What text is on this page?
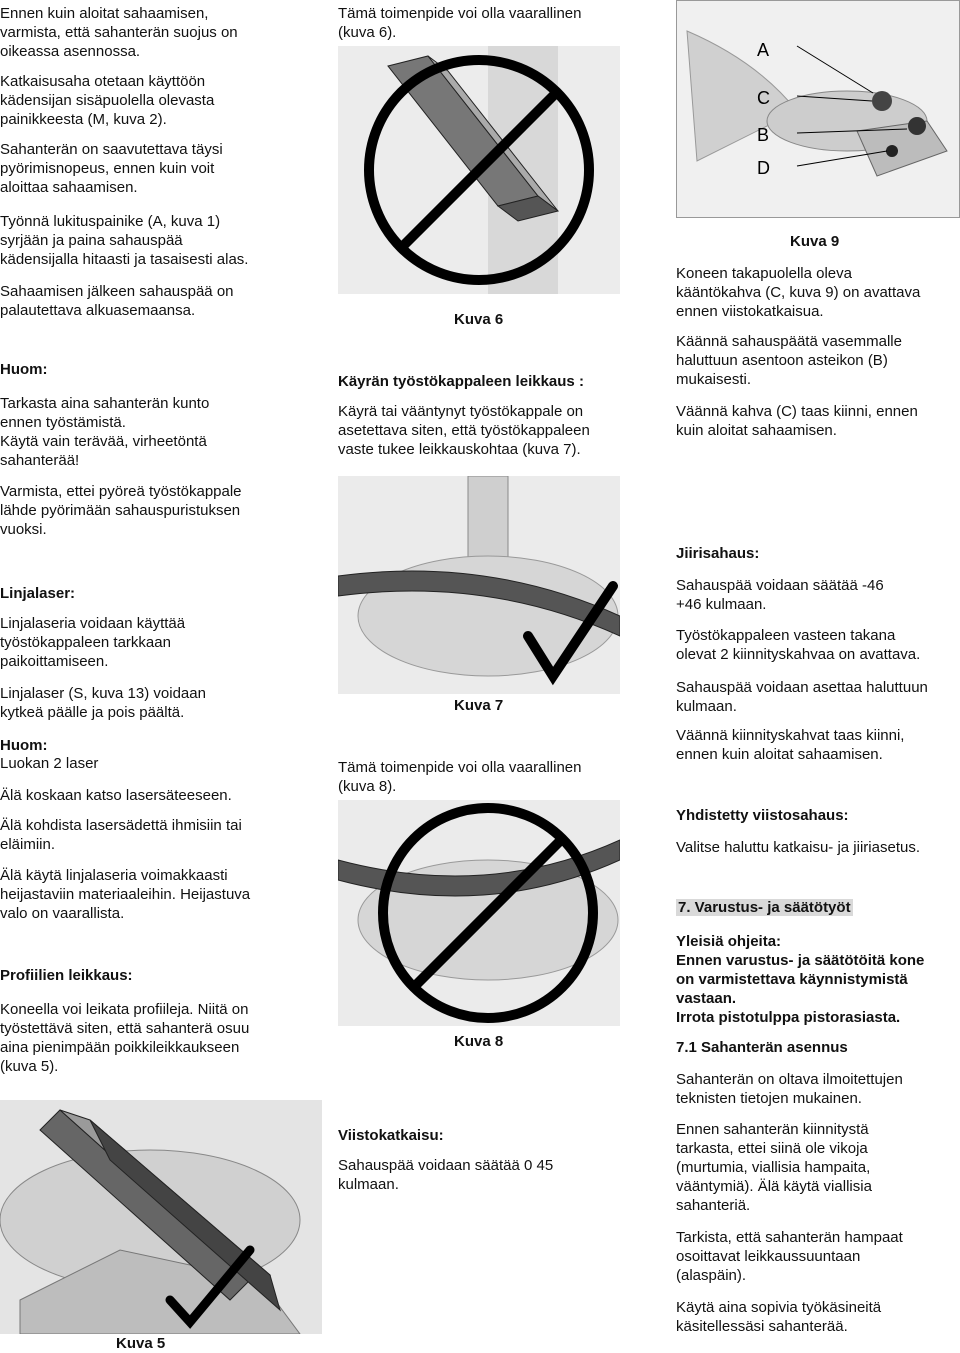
Ennen kuin aloitat sahaamisen,
varmista, että sahanterän suojus on
oikeassa asennossa.
Katkaisusaha otetaan käyttöön
kädensijan sisäpuolella olevasta
painikkeesta (M, kuva 2).
Sahanterän on saavutettava täysi
pyörimisnopeus, ennen kuin voit
aloittaa sahaamisen.
Työnnä lukituspainike (A, kuva 1)
syrjään ja paina sahauspää
kädensijalla hitaasti ja tasaisesti alas.
Sahaamisen jälkeen sahauspää on
palautettava alkuasemaansa.
Huom:
Tarkasta aina sahanterän kunto
ennen työstämistä.
Käytä vain terävää, virheetöntä
sahanterää!
Varmista, ettei pyöreä työstökappale
lähde pyörimään sahauspuristuksen
vuoksi.
Linjalaser:
Linjalaseria voidaan käyttää
työstökappaleen tarkkaan
paikoittamiseen.
Linjalaser (S, kuva 13) voidaan
kytkeä päälle ja pois päältä.
Huom:
Luokan 2 laser
Älä koskaan katso lasersäteeseen.
Älä kohdista lasersädettä ihmisiin tai
eläimiin.
Älä käytä linjalaseria voimakkaasti
heijastaviin materiaaleihin. Heijastuva
valo on vaarallista.
Profiilien leikkaus:
Koneella voi leikata profiileja. Niitä on
työstettävä siten, että sahanterä osuu
aina pienimpään poikkileikkaukseen
(kuva 5).
Kuva 5
Tämä toimenpide voi olla vaarallinen
(kuva 6).
Kuva 6
Käyrän työstökappaleen leikkaus :
Käyrä tai vääntynyt työstökappale on
asetettava siten, että työstökappaleen
vaste tukee leikkauskohtaa (kuva 7).
Kuva 7
Tämä toimenpide voi olla vaarallinen
(kuva 8).
Kuva 8
Viistokatkaisu:
Sahauspää voidaan säätää 0 45
kulmaan.
A
C
B
D
Kuva 9
Koneen takapuolella oleva
kääntökahva (C, kuva 9) on avattava
ennen viistokatkaisua.
Käännä sahauspäätä vasemmalle
haluttuun asentoon asteikon (B)
mukaisesti.
Väännä kahva (C) taas kiinni, ennen
kuin aloitat sahaamisen.
Jiirisahaus:
Sahauspää voidaan säätää -46
+46 kulmaan.
Työstökappaleen vasteen takana
olevat 2 kiinnityskahvaa on avattava.
Sahauspää voidaan asettaa haluttuun
kulmaan.
Väännä kiinnityskahvat taas kiinni,
ennen kuin aloitat sahaamisen.
Yhdistetty viistosahaus:
Valitse haluttu katkaisu- ja jiiriasetus.
7. Varustus- ja säätötyöt
Yleisiä ohjeita:
Ennen varustus- ja säätötöitä kone
on varmistettava käynnistymistä
vastaan.
Irrota pistotulppa pistorasiasta.
7.1 Sahanterän asennus
Sahanterän on oltava ilmoitettujen
teknisten tietojen mukainen.
Ennen sahanterän kiinnitystä
tarkasta, ettei siinä ole vikoja
(murtumia, viallisia hampaita,
vääntymiä). Älä käytä viallisia
sahanteriä.
Tarkista, että sahanterän hampaat
osoittavat leikkaussuuntaan
(alaspäin).
Käytä aina sopivia työkäsineitä
käsitellessäsi sahanterää.
